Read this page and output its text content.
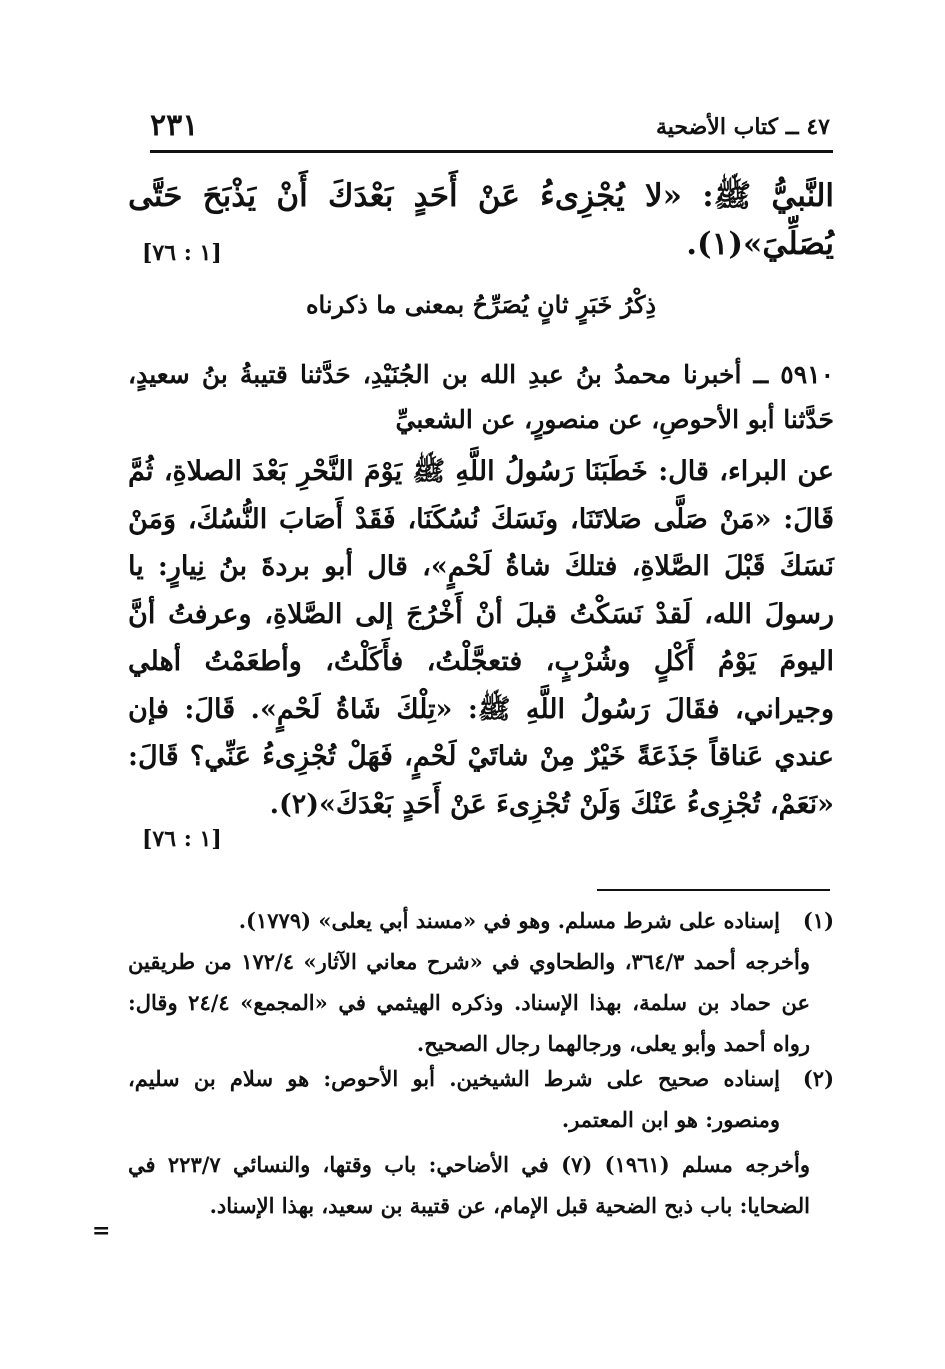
٤٧ ــ كتاب الأضحية
٢٣١
النَّبيُّ ﷺ: «لا يُجْزِىءُ عَنْ أَحَدٍ بَعْدَكَ أَنْ يَذْبَحَ حَتَّى يُصَلِّيَ»(١).
[١ : ٧٦]
ذِكْرُ خَبَرٍ ثانٍ يُصَرِّحُ بمعنى ما ذكرناه
٥٩١٠ ــ أخبرنا محمدُ بنُ عبدِ الله بن الجُنَيْدِ، حَدَّثنا قتيبةُ بنُ سعيدٍ، حَدَّثنا أبو الأحوصِ، عن منصورٍ، عن الشعبيِّ
عن البراء، قال: خَطَبَنَا رَسُولُ اللَّهِ ﷺ يَوْمَ النَّحْرِ بَعْدَ الصلاةِ، ثُمَّ قَالَ: «مَنْ صَلَّى صَلاتَنَا، ونَسَكَ نُسُكَنَا، فَقَدْ أَصَابَ النُّسُكَ، وَمَنْ نَسَكَ قَبْلَ الصَّلاةِ، فتلكَ شاةُ لَحْمٍ»، قال أبو بردةَ بنُ نِيارٍ: يا رسولَ الله، لَقدْ نَسَكْتُ قبلَ أنْ أَخْرُجَ إلى الصَّلاةِ، وعرفتُ أنَّ اليومَ يَوْمُ أَكْلٍ وشُرْبٍ، فتعجَّلْتُ، فأَكَلْتُ، وأطعَمْتُ أهلي وجيراني، فقَالَ رَسُولُ اللَّهِ ﷺ: «تِلْكَ شَاةُ لَحْمٍ». قَالَ: فإن عندي عَناقاً جَذَعَةً خَيْرٌ مِنْ شاتَيْ لَحْمٍ، فَهَلْ تُجْزِىءُ عَنِّي؟ قَالَ: «نَعَمْ، تُجْزِىءُ عَنْكَ وَلَنْ تُجْزِىءَ عَنْ أَحَدٍ بَعْدَكَ»(٢).
[١ : ٧٦]
(١)
إسناده على شرط مسلم. وهو في «مسند أبي يعلى» (١٧٧٩).
وأخرجه أحمد ٣٦٤/٣، والطحاوي في «شرح معاني الآثار» ١٧٢/٤ من طريقين عن حماد بن سلمة، بهذا الإسناد. وذكره الهيثمي في «المجمع» ٢٤/٤ وقال: رواه أحمد وأبو يعلى، ورجالهما رجال الصحيح.
(٢)
إسناده صحيح على شرط الشيخين. أبو الأحوص: هو سلام بن سليم، ومنصور: هو ابن المعتمر.
وأخرجه مسلم (١٩٦١) (٧) في الأضاحي: باب وقتها، والنسائي ٢٢٣/٧ في الضحايا: باب ذبح الضحية قبل الإمام، عن قتيبة بن سعيد، بهذا الإسناد.
=
